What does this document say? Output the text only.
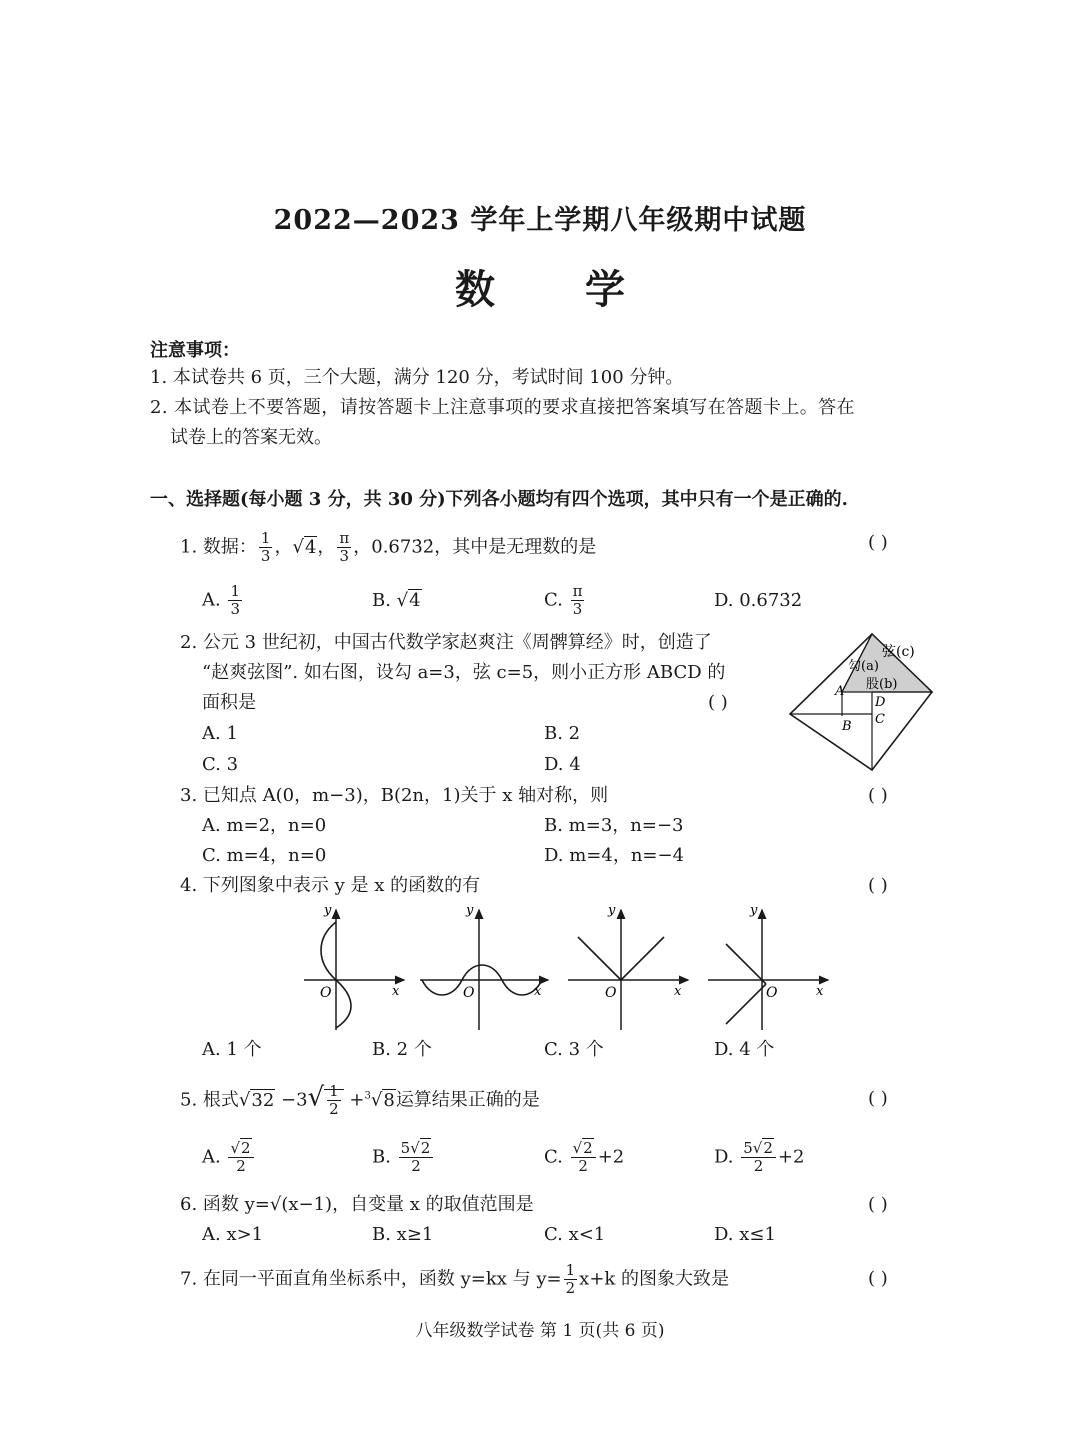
2022—2023 学年上学期八年级期中试题
数学
注意事项：
1. 本试卷共 6 页，三个大题，满分 120 分，考试时间 100 分钟。
2. 本试卷上不要答题，请按答题卡上注意事项的要求直接把答案填写在答题卡上。答在
试卷上的答案无效。
一、选择题(每小题 3 分，共 30 分)下列各小题均有四个选项，其中只有一个是正确的.
1. 数据： $\frac{1}{3}$ ，√4， $\frac{\pi}{3}$ ，0.673̇2̇，其中是无理数的是	( )
A. $\frac{1}{3}$	B. √4	C. $\frac{\pi}{3}$	D. 0.673̇2̇
2. 公元 3 世纪初，中国古代数学家赵爽注《周髀算经》时，创造了
“赵爽弦图”. 如右图，设勾 a=3，弦 c=5，则小正方形 ABCD 的
面积是	( )
A. 1	B. 2
C. 3	D. 4
弦(c)
勾(a)
股(b)
A
B C
D
3. 已知点 A(0，m−3)，B(2n，1)关于 x 轴对称，则	( )
A. m=2，n=0	B. m=3，n=−3
C. m=4，n=0	D. m=4，n=−4
4. 下列图象中表示 y 是 x 的函数的有	( )
y
x
O
y
x
O
y
x
O
y
x
O
A. 1 个	B. 2 个	C. 3 个	D. 4 个
5. 根式$√32 -3√ \frac{1}{2} +^3√8$运算结果正确的是	( )
A. $\frac{√2}{2}$	B. $\frac{5√2}{2}$	C. $\frac{√2}{2} +2$	D. $\frac{5√2}{2} +2$
6. 函数 y=√(x−1)，自变量 x 的取值范围是	( )
A. x>1	B. x≥1	C. x<1	D. x≤1
7. 在同一平面直角坐标系中，函数 y=kx 与 $y= \frac{1}{2} x+k$ 的图象大致是	( )
八年级数学试卷 第 1 页(共 6 页)
